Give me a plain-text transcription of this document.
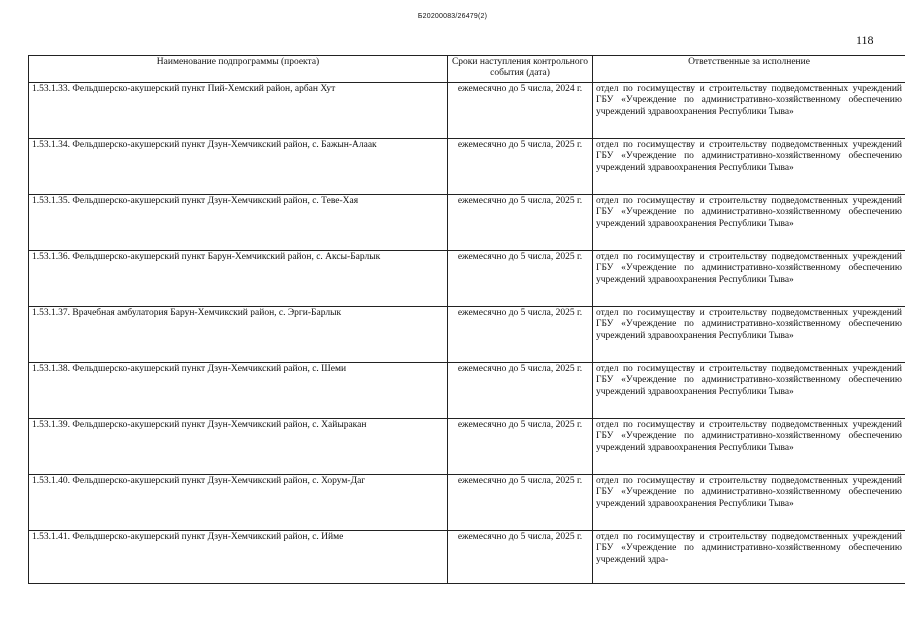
Б20200083/26479(2)
118
Наименование подпрограммы (проекта)	Сроки наступления контрольного события (дата)	Ответственные за исполнение
1.53.1.33. Фельдшерско-акушерский пункт Пий-Хемский район, арбан Хут	ежемесячно до 5 числа, 2024 г.	отдел по госимуществу и строительству подведомственных учреждений ГБУ «Учреждение по административно-хозяйственному обеспечению учреждений здравоохранения Республики Тыва»
1.53.1.34. Фельдшерско-акушерский пункт Дзун-Хемчикский район, с. Бажын-Алаак	ежемесячно до 5 числа, 2025 г.	отдел по госимуществу и строительству подведомственных учреждений ГБУ «Учреждение по административно-хозяйственному обеспечению учреждений здравоохранения Республики Тыва»
1.53.1.35. Фельдшерско-акушерский пункт Дзун-Хемчикский район, с. Теве-Хая	ежемесячно до 5 числа, 2025 г.	отдел по госимуществу и строительству подведомственных учреждений ГБУ «Учреждение по административно-хозяйственному обеспечению учреждений здравоохранения Республики Тыва»
1.53.1.36. Фельдшерско-акушерский пункт Барун-Хемчикский район, с. Аксы-Барлык	ежемесячно до 5 числа, 2025 г.	отдел по госимуществу и строительству подведомственных учреждений ГБУ «Учреждение по административно-хозяйственному обеспечению учреждений здравоохранения Республики Тыва»
1.53.1.37. Врачебная амбулатория Барун-Хемчикский район, с. Эрги-Барлык	ежемесячно до 5 числа, 2025 г.	отдел по госимуществу и строительству подведомственных учреждений ГБУ «Учреждение по административно-хозяйственному обеспечению учреждений здравоохранения Республики Тыва»
1.53.1.38. Фельдшерско-акушерский пункт Дзун-Хемчикский район, с. Шеми	ежемесячно до 5 числа, 2025 г.	отдел по госимуществу и строительству подведомственных учреждений ГБУ «Учреждение по административно-хозяйственному обеспечению учреждений здравоохранения Республики Тыва»
1.53.1.39. Фельдшерско-акушерский пункт Дзун-Хемчикский район, с. Хайыракан	ежемесячно до 5 числа, 2025 г.	отдел по госимуществу и строительству подведомственных учреждений ГБУ «Учреждение по административно-хозяйственному обеспечению учреждений здравоохранения Республики Тыва»
1.53.1.40. Фельдшерско-акушерский пункт Дзун-Хемчикский район, с. Хорум-Даг	ежемесячно до 5 числа, 2025 г.	отдел по госимуществу и строительству подведомственных учреждений ГБУ «Учреждение по административно-хозяйственному обеспечению учреждений здравоохранения Республики Тыва»
1.53.1.41. Фельдшерско-акушерский пункт Дзун-Хемчикский район, с. Ийме	ежемесячно до 5 числа, 2025 г.	отдел по госимуществу и строительству подведомственных учреждений ГБУ «Учреждение по административно-хозяйственному обеспечению учреждений здра-
